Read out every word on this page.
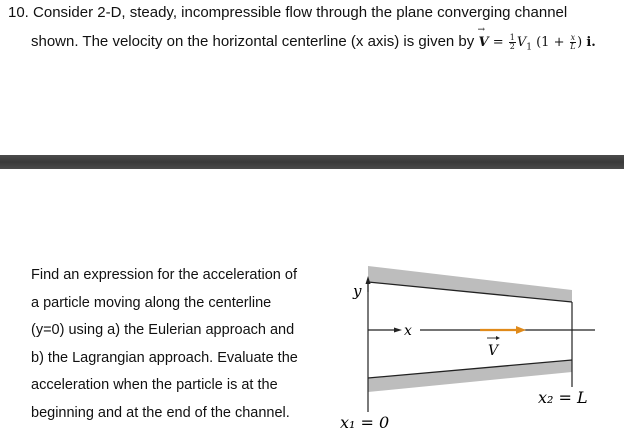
10. Consider 2-D, steady, incompressible flow through the plane converging channel
shown. The velocity on the horizontal centerline (x axis) is given by → $V = \frac{1}{2} V_1$ ($1 + \frac{x}{L}$ ) i.
Find an expression for the acceleration of
a particle moving along the centerline
(y=0) using a) the Eulerian approach and
b) the Lagrangian approach. Evaluate the
acceleration when the particle is at the
beginning and at the end of the channel.
y
x
V
x₁ = 0
x₂ = L
